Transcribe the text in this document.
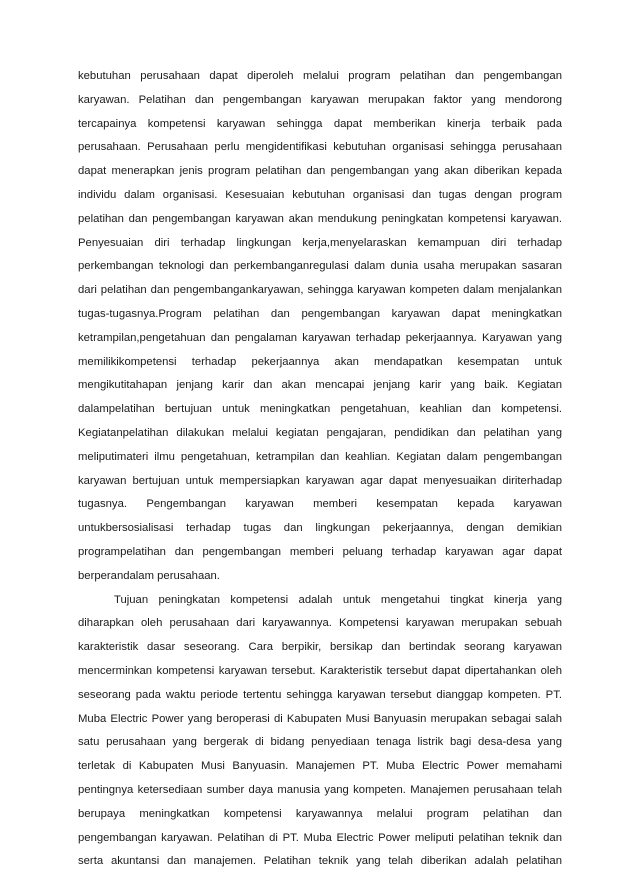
kebutuhan perusahaan dapat diperoleh melalui program pelatihan dan pengembangan
karyawan. Pelatihan dan pengembangan karyawan merupakan faktor yang mendorong
tercapainya kompetensi karyawan sehingga dapat memberikan kinerja terbaik pada
perusahaan. Perusahaan perlu mengidentifikasi kebutuhan organisasi sehingga perusahaan
dapat menerapkan jenis program pelatihan dan pengembangan yang akan diberikan kepada
individu dalam organisasi. Kesesuaian kebutuhan organisasi dan tugas dengan program
pelatihan dan pengembangan karyawan akan mendukung peningkatan kompetensi karyawan.
Penyesuaian diri terhadap lingkungan kerja,menyelaraskan kemampuan diri terhadap
perkembangan teknologi dan perkembanganregulasi dalam dunia usaha merupakan sasaran
dari pelatihan dan pengembangankaryawan, sehingga karyawan kompeten dalam menjalankan
tugas-tugasnya.Program pelatihan dan pengembangan karyawan dapat meningkatkan
ketrampilan,pengetahuan dan pengalaman karyawan terhadap pekerjaannya. Karyawan yang
memilikikompetensi terhadap pekerjaannya akan mendapatkan kesempatan untuk
mengikutitahapan jenjang karir dan akan mencapai jenjang karir yang baik. Kegiatan
dalampelatihan bertujuan untuk meningkatkan pengetahuan, keahlian dan kompetensi.
Kegiatanpelatihan dilakukan melalui kegiatan pengajaran, pendidikan dan pelatihan yang
meliputimateri ilmu pengetahuan, ketrampilan dan keahlian. Kegiatan dalam pengembangan
karyawan bertujuan untuk mempersiapkan karyawan agar dapat menyesuaikan diriterhadap
tugasnya. Pengembangan karyawan memberi kesempatan kepada karyawan
untukbersosialisasi terhadap tugas dan lingkungan pekerjaannya, dengan demikian
programpelatihan dan pengembangan memberi peluang terhadap karyawan agar dapat
berperandalam perusahaan.
Tujuan peningkatan kompetensi adalah untuk mengetahui tingkat kinerja yang
diharapkan oleh perusahaan dari karyawannya. Kompetensi karyawan merupakan sebuah
karakteristik dasar seseorang. Cara berpikir, bersikap dan bertindak seorang karyawan
mencerminkan kompetensi karyawan tersebut. Karakteristik tersebut dapat dipertahankan oleh
seseorang pada waktu periode tertentu sehingga karyawan tersebut dianggap kompeten. PT.
Muba Electric Power yang beroperasi di Kabupaten Musi Banyuasin merupakan sebagai salah
satu perusahaan yang bergerak di bidang penyediaan tenaga listrik bagi desa-desa yang
terletak di Kabupaten Musi Banyuasin. Manajemen PT. Muba Electric Power memahami
pentingnya ketersediaan sumber daya manusia yang kompeten. Manajemen perusahaan telah
berupaya meningkatkan kompetensi karyawannya melalui program pelatihan dan
pengembangan karyawan. Pelatihan di PT. Muba Electric Power meliputi pelatihan teknik dan
serta akuntansi dan manajemen. Pelatihan teknik yang telah diberikan adalah pelatihan
